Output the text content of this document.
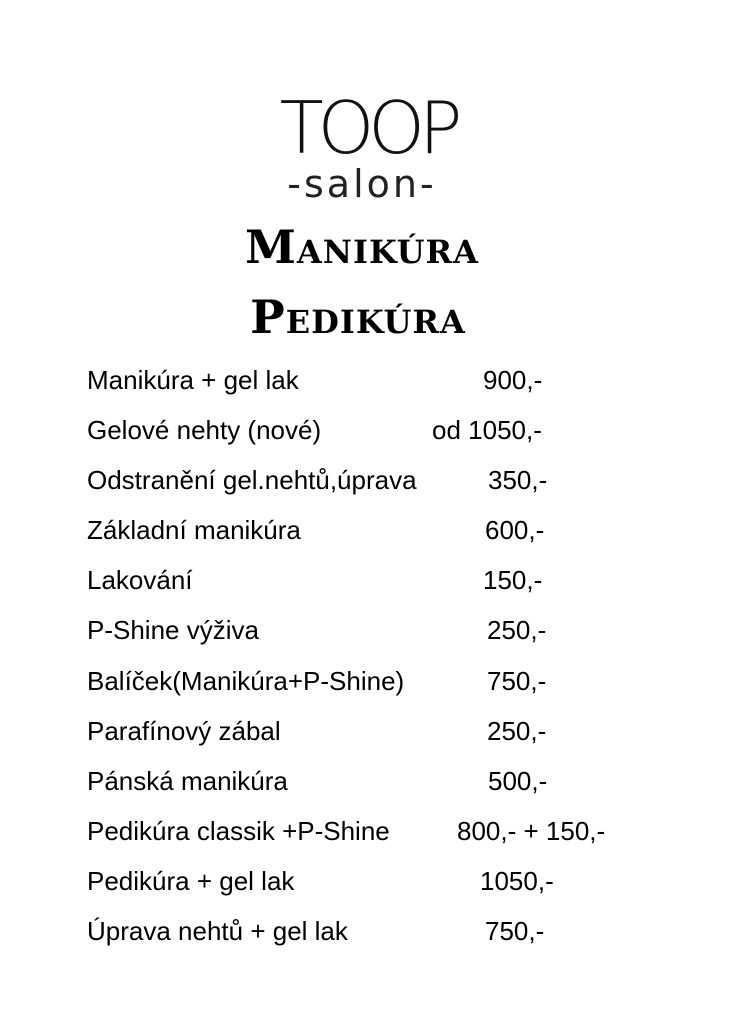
TOOP
-salon-
Manikúra
Pedikúra
Manikúra + gel lak	900,-
Gelové nehty (nové)	od 1050,-
Odstranění gel.nehtů,úprava	350,-
Základní manikúra	600,-
Lakování	150,-
P-Shine výživa	250,-
Balíček(Manikúra+P-Shine)	750,-
Parafínový zábal	250,-
Pánská manikúra	500,-
Pedikúra classik +P-Shine	800,- + 150,-
Pedikúra + gel lak	1050,-
Úprava nehtů + gel lak	750,-
